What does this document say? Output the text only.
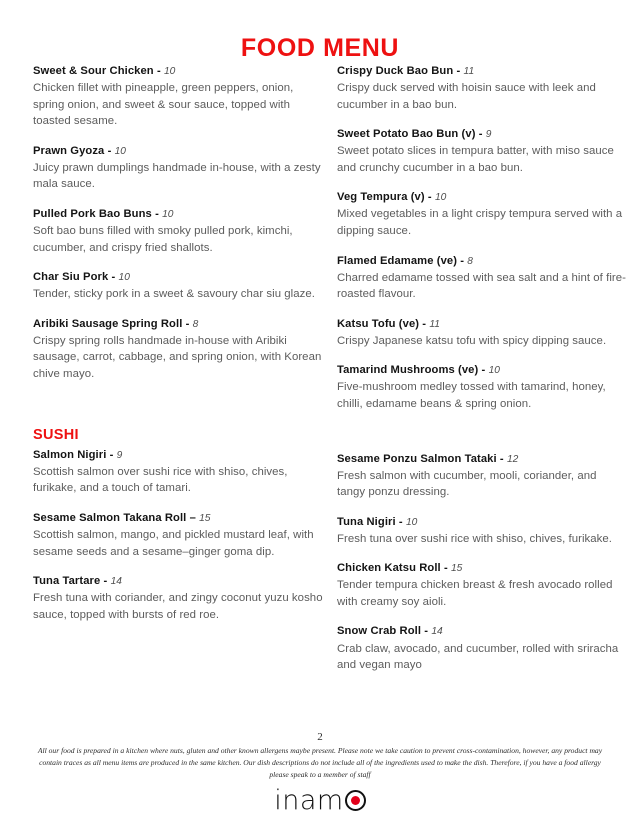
FOOD MENU
Sweet & Sour Chicken - 10
Chicken fillet with pineapple, green peppers, onion, spring onion, and sweet & sour sauce, topped with toasted sesame.
Prawn Gyoza - 10
Juicy prawn dumplings handmade in-house, with a zesty mala sauce.
Pulled Pork Bao Buns - 10
Soft bao buns filled with smoky pulled pork, kimchi, cucumber, and crispy fried shallots.
Char Siu Pork - 10
Tender, sticky pork in a sweet & savoury char siu glaze.
Aribiki Sausage Spring Roll - 8
Crispy spring rolls handmade in-house with Aribiki sausage, carrot, cabbage, and spring onion, with Korean chive mayo.
SUSHI
Salmon Nigiri - 9
Scottish salmon over sushi rice with shiso, chives, furikake, and a touch of tamari.
Sesame Salmon Takana Roll – 15
Scottish salmon, mango, and pickled mustard leaf, with sesame seeds and a sesame–ginger goma dip.
Tuna Tartare - 14
Fresh tuna with coriander, and zingy coconut yuzu kosho sauce, topped with bursts of red roe.
Crispy Duck Bao Bun - 11
Crispy duck served with hoisin sauce with leek and cucumber in a bao bun.
Sweet Potato Bao Bun (v) - 9
Sweet potato slices in tempura batter, with miso sauce and crunchy cucumber in a bao bun.
Veg Tempura (v) - 10
Mixed vegetables in a light crispy tempura served with a dipping sauce.
Flamed Edamame (ve) - 8
Charred edamame tossed with sea salt and a hint of fire-roasted flavour.
Katsu Tofu (ve) - 11
Crispy Japanese katsu tofu with spicy dipping sauce.
Tamarind Mushrooms (ve) - 10
Five-mushroom medley tossed with tamarind, honey, chilli, edamame beans & spring onion.
Sesame Ponzu Salmon Tataki - 12
Fresh salmon with cucumber, mooli, coriander, and tangy ponzu dressing.
Tuna Nigiri - 10
Fresh tuna over sushi rice with shiso, chives, furikake.
Chicken Katsu Roll - 15
Tender tempura chicken breast & fresh avocado rolled with creamy soy aioli.
Snow Crab Roll - 14
Crab claw, avocado, and cucumber, rolled with sriracha and vegan mayo
2
All our food is prepared in a kitchen where nuts, gluten and other known allergens maybe present. Please note we take caution to prevent cross-contamination, however, any product may contain traces as all menu items are produced in the same kitchen. Our dish descriptions do not include all of the ingredients used to make the dish. Therefore, if you have a food allergy please speak to a member of staff
inam
